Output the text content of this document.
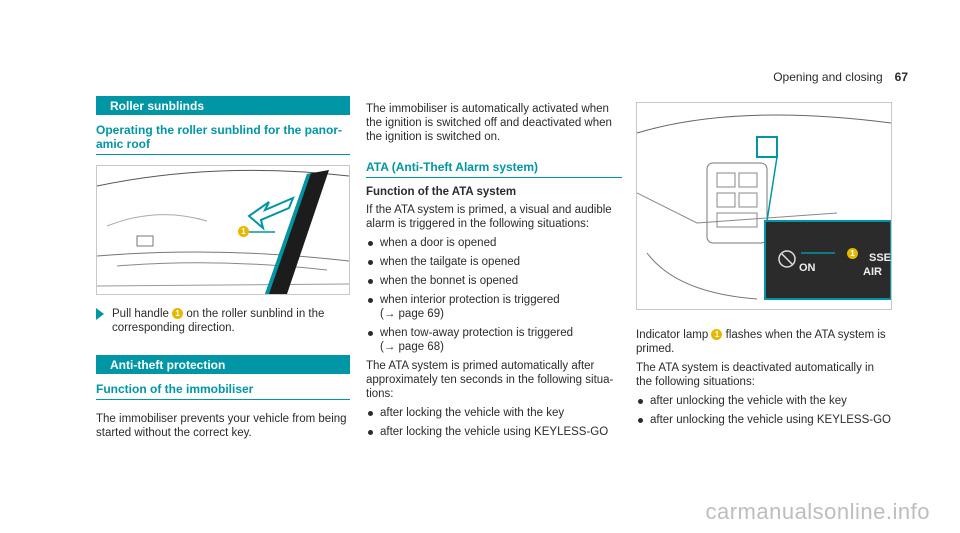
Opening and closing 67
Roller sunblinds
Operating the roller sunblind for the panor-amic roof
1
Pull handle 1 on the roller sunblind in the corresponding direction.
Anti-theft protection
Function of the immobiliser

The immobiliser prevents your vehicle from being started without the correct key.

The immobiliser is automatically activated when the ignition is switched off and deactivated when the ignition is switched on.

ATA (Anti-Theft Alarm system)
Function of the ATA system

If the ATA system is primed, a visual and audible alarm is triggered in the following situations:

when a door is opened
when the tailgate is opened
when the bonnet is opened
when interior protection is triggered
(→ page 69)
when tow-away protection is triggered
(→ page 68)

The ATA system is primed automatically after approximately ten seconds in the following situa-tions:

after locking the vehicle with the key
after locking the vehicle using KEYLESS-GO
ON
SSE
AIR
1

Indicator lamp 1 flashes when the ATA system is primed.

The ATA system is deactivated automatically in the following situations:

after unlocking the vehicle with the key
after unlocking the vehicle using KEYLESS-GO
carmanualsonline.info
